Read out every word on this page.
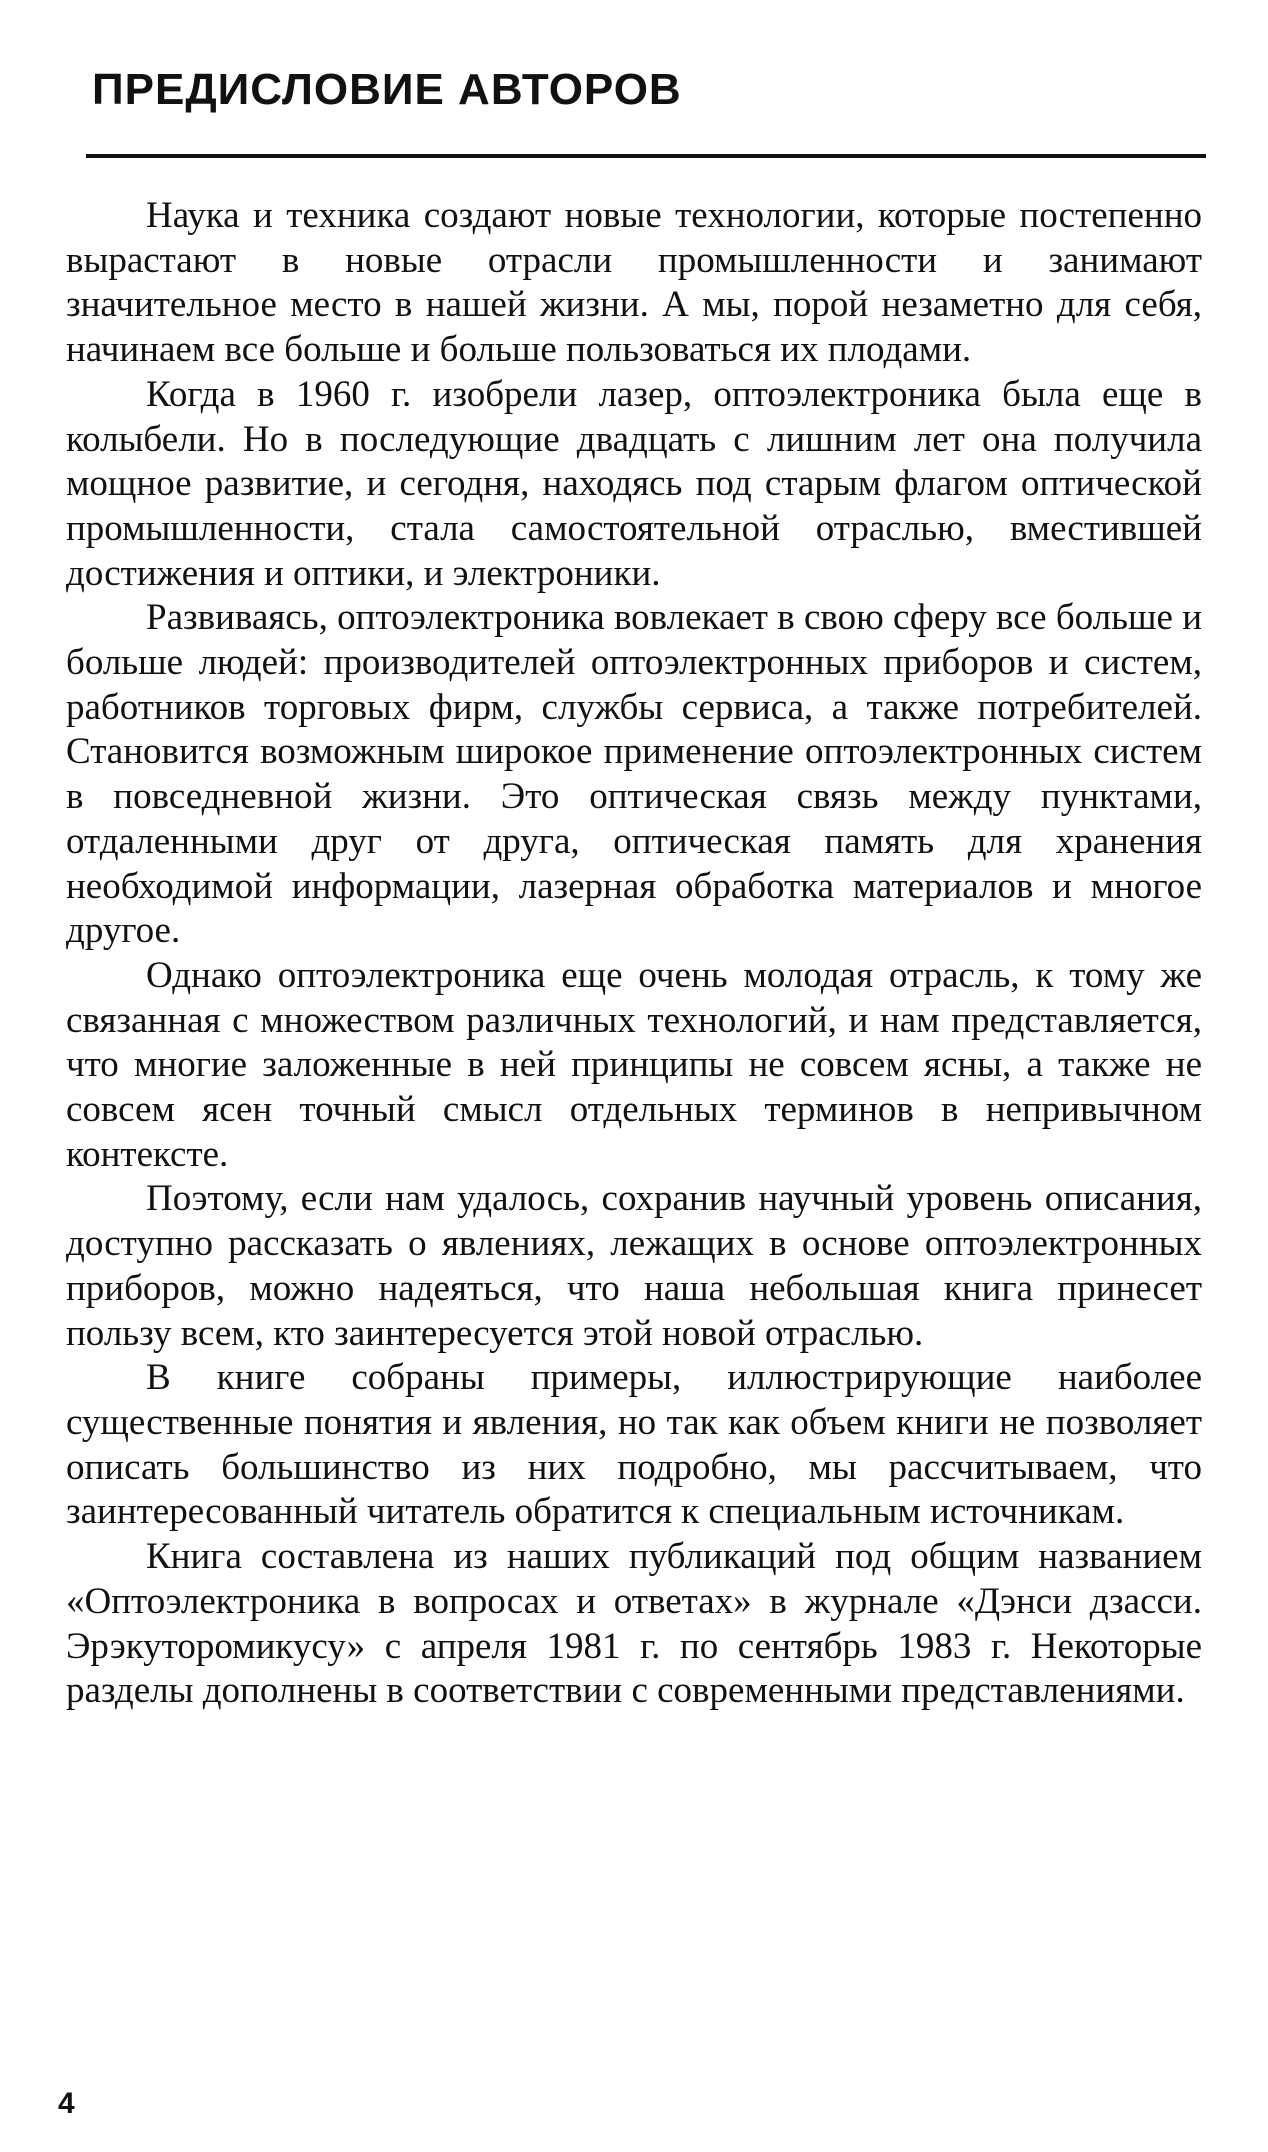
ПРЕДИСЛОВИЕ АВТОРОВ

Наука и техника создают новые технологии, которые постепенно вырастают в новые отрасли промышленности и занимают значительное место в нашей жизни. А мы, порой незаметно для себя, начинаем все больше и больше пользоваться их плодами.

Когда в 1960 г. изобрели лазер, оптоэлектроника была еще в колыбели. Но в последующие двадцать с лишним лет она получила мощное развитие, и сегодня, находясь под старым флагом оптической промышленности, стала самостоятельной отраслью, вместившей достижения и оптики, и электроники.

Развиваясь, оптоэлектроника вовлекает в свою сферу все больше и больше людей: производителей оптоэлектронных приборов и систем, работников торговых фирм, службы сервиса, а также потребителей. Становится возможным широкое применение оптоэлектронных систем в повседневной жизни. Это оптическая связь между пунктами, отдаленными друг от друга, оптическая память для хранения необходимой информации, лазерная обработка материалов и многое другое.

Однако оптоэлектроника еще очень молодая отрасль, к тому же связанная с множеством различных технологий, и нам представляется, что многие заложенные в ней принципы не совсем ясны, а также не совсем ясен точный смысл отдельных терминов в непривычном контексте.

Поэтому, если нам удалось, сохранив научный уровень описания, доступно рассказать о явлениях, лежащих в основе оптоэлектронных приборов, можно надеяться, что наша небольшая книга принесет пользу всем, кто заинтересуется этой новой отраслью.

В книге собраны примеры, иллюстрирующие наиболее существенные понятия и явления, но так как объем книги не позволяет описать большинство из них подробно, мы рассчитываем, что заинтересованный читатель обратится к специальным источникам.

Книга составлена из наших публикаций под общим названием «Оптоэлектроника в вопросах и ответах» в журнале «Дэнси дзасси. Эрэкуторомикусу» с апреля 1981 г. по сентябрь 1983 г. Некоторые разделы дополнены в соответствии с современными представлениями.

4
